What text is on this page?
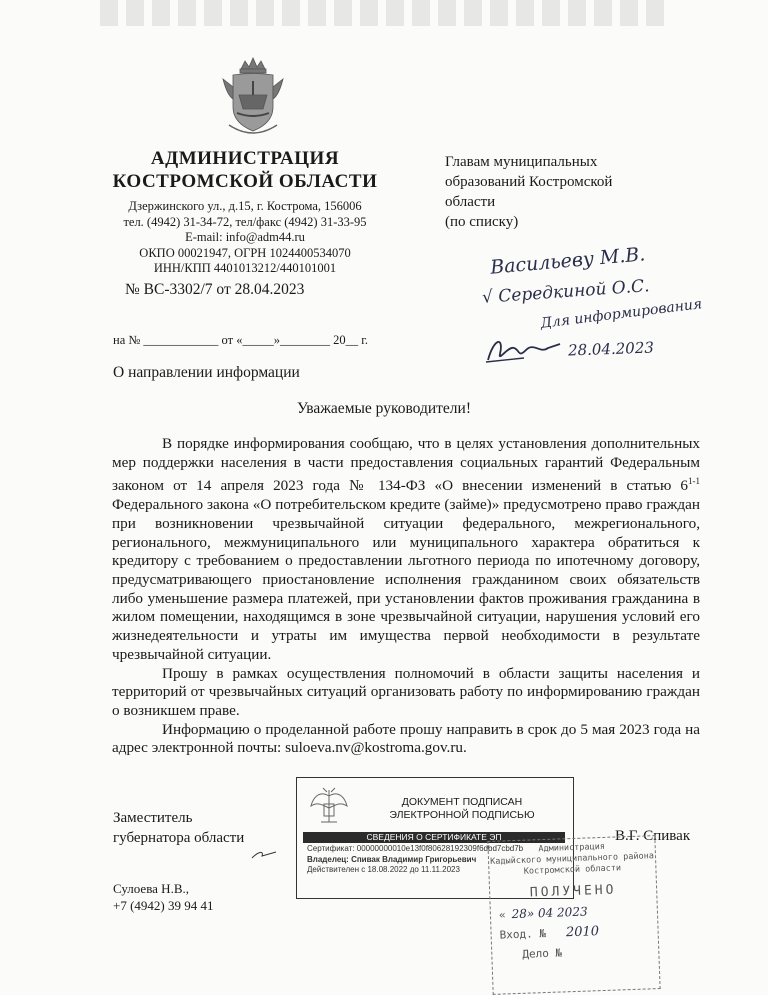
АДМИНИСТРАЦИЯ
КОСТРОМСКОЙ ОБЛАСТИ
Дзержинского ул., д.15, г. Кострома, 156006
тел. (4942) 31-34-72, тел/факс (4942) 31-33-95
E-mail: info@adm44.ru
ОКПО 00021947, ОГРН 1024400534070
ИНН/КПП 4401013212/440101001
№ ВС-3302/7 от 28.04.2023
на № ____________ от «_____»________ 20__ г.
Главам муниципальных
образований Костромской
области
(по списку)
Васильеву М.В.
√ Середкиной О.С.
Для информирования
28.04.2023
О направлении информации
Уважаемые руководители!

В порядке информирования сообщаю, что в целях установления дополнительных мер поддержки населения в части предоставления социальных гарантий Федеральным законом от 14 апреля 2023 года № 134-ФЗ «О внесении изменений в статью 6$^{1-1}$ Федерального закона «О потребительском кредите (займе)» предусмотрено право граждан при возникновении чрезвычайной ситуации федерального, межрегионального, регионального, межмуниципального или муниципального характера обратиться к кредитору с требованием о предоставлении льготного периода по ипотечному договору, предусматривающего приостановление исполнения гражданином своих обязательств либо уменьшение размера платежей, при установлении фактов проживания гражданина в жилом помещении, находящимся в зоне чрезвычайной ситуации, нарушения условий его жизнедеятельности и утраты им имущества первой необходимости в результате чрезвычайной ситуации.

Прошу в рамках осуществления полномочий в области защиты населения и территорий от чрезвычайных ситуаций организовать работу по информированию граждан о возникшем праве.

Информацию о проделанной работе прошу направить в срок до 5 мая 2023 года на адрес электронной почты: suloeva.nv@kostroma.gov.ru.

Заместитель
губернатора области	В.Г. Спивак
ДОКУМЕНТ ПОДПИСАН
ЭЛЕКТРОННОЙ ПОДПИСЬЮ
СВЕДЕНИЯ О СЕРТИФИКАТЕ ЭП
Сертификат: 00000000010e13f0f80628192309f6dbd7cbd7b
Владелец: Спивак Владимир Григорьевич
Действителен с 18.08.2022 до 11.11.2023
Администрация
Кадыйского муниципального района
Костромской области
ПОЛУЧЕНО
« 28» 04 2023
Вход. № 2010
Дело №
Сулоева Н.В.,
+7 (4942) 39 94 41
